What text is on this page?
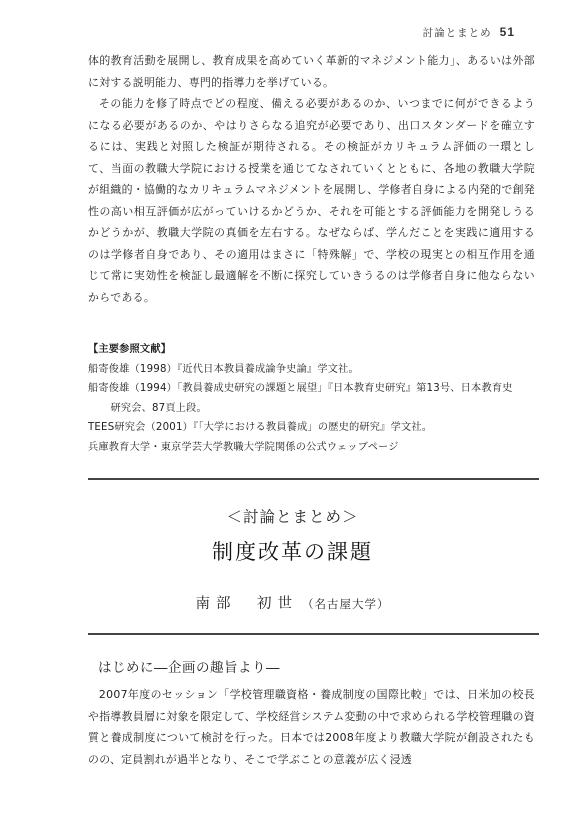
討論とまとめ 51

体的教育活動を展開し、教育成果を高めていく革新的マネジメント能力」、あるいは外部に対する説明能力、専門的指導力を挙げている。

その能力を修了時点でどの程度、備える必要があるのか、いつまでに何ができるようになる必要があるのか、やはりさらなる追究が必要であり、出口スタンダードを確立するには、実践と対照した検証が期待される。その検証がカリキュラム評価の一環として、当面の教職大学院における授業を通じてなされていくとともに、各地の教職大学院が組織的・協働的なカリキュラムマネジメントを展開し、学修者自身による内発的で創発性の高い相互評価が広がっていけるかどうか、それを可能とする評価能力を開発しうるかどうかが、教職大学院の真価を左右する。なぜならば、学んだことを実践に適用するのは学修者自身であり、その適用はまさに「特殊解」で、学校の現実との相互作用を通じて常に実効性を検証し最適解を不断に探究していきうるのは学修者自身に他ならないからである。

【主要参照文献】
船寄俊雄（1998）『近代日本教員養成論争史論』学文社。
船寄俊雄（1994）「教員養成史研究の課題と展望」『日本教育史研究』第13号、日本教育史
研究会、87頁上段。
TEES研究会（2001）『「大学における教員養成」の歴史的研究』学文社。
兵庫教育大学・東京学芸大学教職大学院関係の公式ウェッブページ
＜討論とまとめ＞
制度改革の課題
南部　初世 （名古屋大学）
はじめに―企画の趣旨より―

2007年度のセッション「学校管理職資格・養成制度の国際比較」では、日米加の校長や指導教員層に対象を限定して、学校経営システム変動の中で求められる学校管理職の資質と養成制度について検討を行った。日本では2008年度より教職大学院が創設されたものの、定員割れが過半となり、そこで学ぶことの意義が広く浸透
